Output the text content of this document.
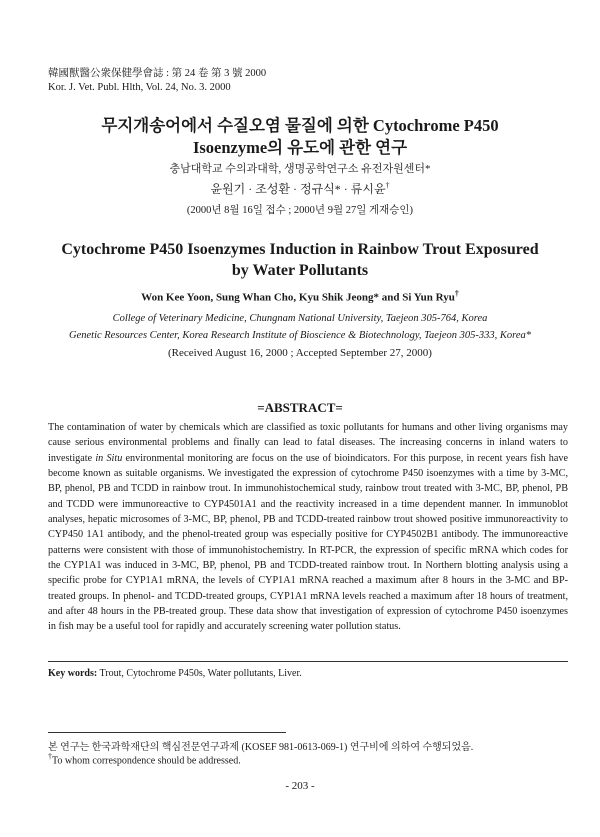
韓國獸醫公衆保健學會誌 : 第 24 卷 第 3 號 2000
Kor. J. Vet. Publ. Hlth, Vol. 24, No. 3. 2000
무지개송어에서 수질오염 물질에 의한 Cytochrome P450
Isoenzyme의 유도에 관한 연구
충남대학교 수의과대학, 생명공학연구소 유전자원센터*
윤원기 · 조성환 · 정규식* · 류시윤†
(2000년 8월 16일 접수 ; 2000년 9월 27일 게재승인)
Cytochrome P450 Isoenzymes Induction in Rainbow Trout Exposured
by Water Pollutants
Won Kee Yoon, Sung Whan Cho, Kyu Shik Jeong* and Si Yun Ryu†
College of Veterinary Medicine, Chungnam National University, Taejeon 305-764, Korea
Genetic Resources Center, Korea Research Institute of Bioscience & Biotechnology, Taejeon 305-333, Korea*
(Received August 16, 2000 ; Accepted September 27, 2000)
=ABSTRACT=

The contamination of water by chemicals which are classified as toxic pollutants for humans and other living organisms may cause serious environmental problems and finally can lead to fatal diseases. The increasing concerns in inland waters to investigate in Situ environmental monitoring are focus on the use of bioindicators. For this purpose, in recent years fish have become known as suitable organisms. We investigated the expression of cytochrome P450 isoenzymes with a time by 3-MC, BP, phenol, PB and TCDD in rainbow trout. In immunohistochemical study, rainbow trout treated with 3-MC, BP, phenol, PB and TCDD were immunoreactive to CYP4501A1 and the reactivity increased in a time dependent manner. In immunoblot analyses, hepatic microsomes of 3-MC, BP, phenol, PB and TCDD-treated rainbow trout showed positive immunoreactivity to CYP450 1A1 antibody, and the phenol-treated group was especially positive for CYP4502B1 antibody. The immunoreactive patterns were consistent with those of immunohistochemistry. In RT-PCR, the expression of specific mRNA which codes for the CYP1A1 was induced in 3-MC, BP, phenol, PB and TCDD-treated rainbow trout. In Northern blotting analysis using a specific probe for CYP1A1 mRNA, the levels of CYP1A1 mRNA reached a maximum after 8 hours in the 3-MC and BP-treated groups. In phenol- and TCDD-treated groups, CYP1A1 mRNA levels reached a maximum after 18 hours of treatment, and after 48 hours in the PB-treated group. These data show that investigation of expression of cytochrome P450 isoenzymes in fish may be a useful tool for rapidly and accurately screening water pollution status.

Key words: Trout, Cytochrome P450s, Water pollutants, Liver.
본 연구는 한국과학재단의 핵심전문연구과제 (KOSEF 981-0613-069-1) 연구비에 의하여 수행되었음.
†To whom correspondence should be addressed.
- 203 -
